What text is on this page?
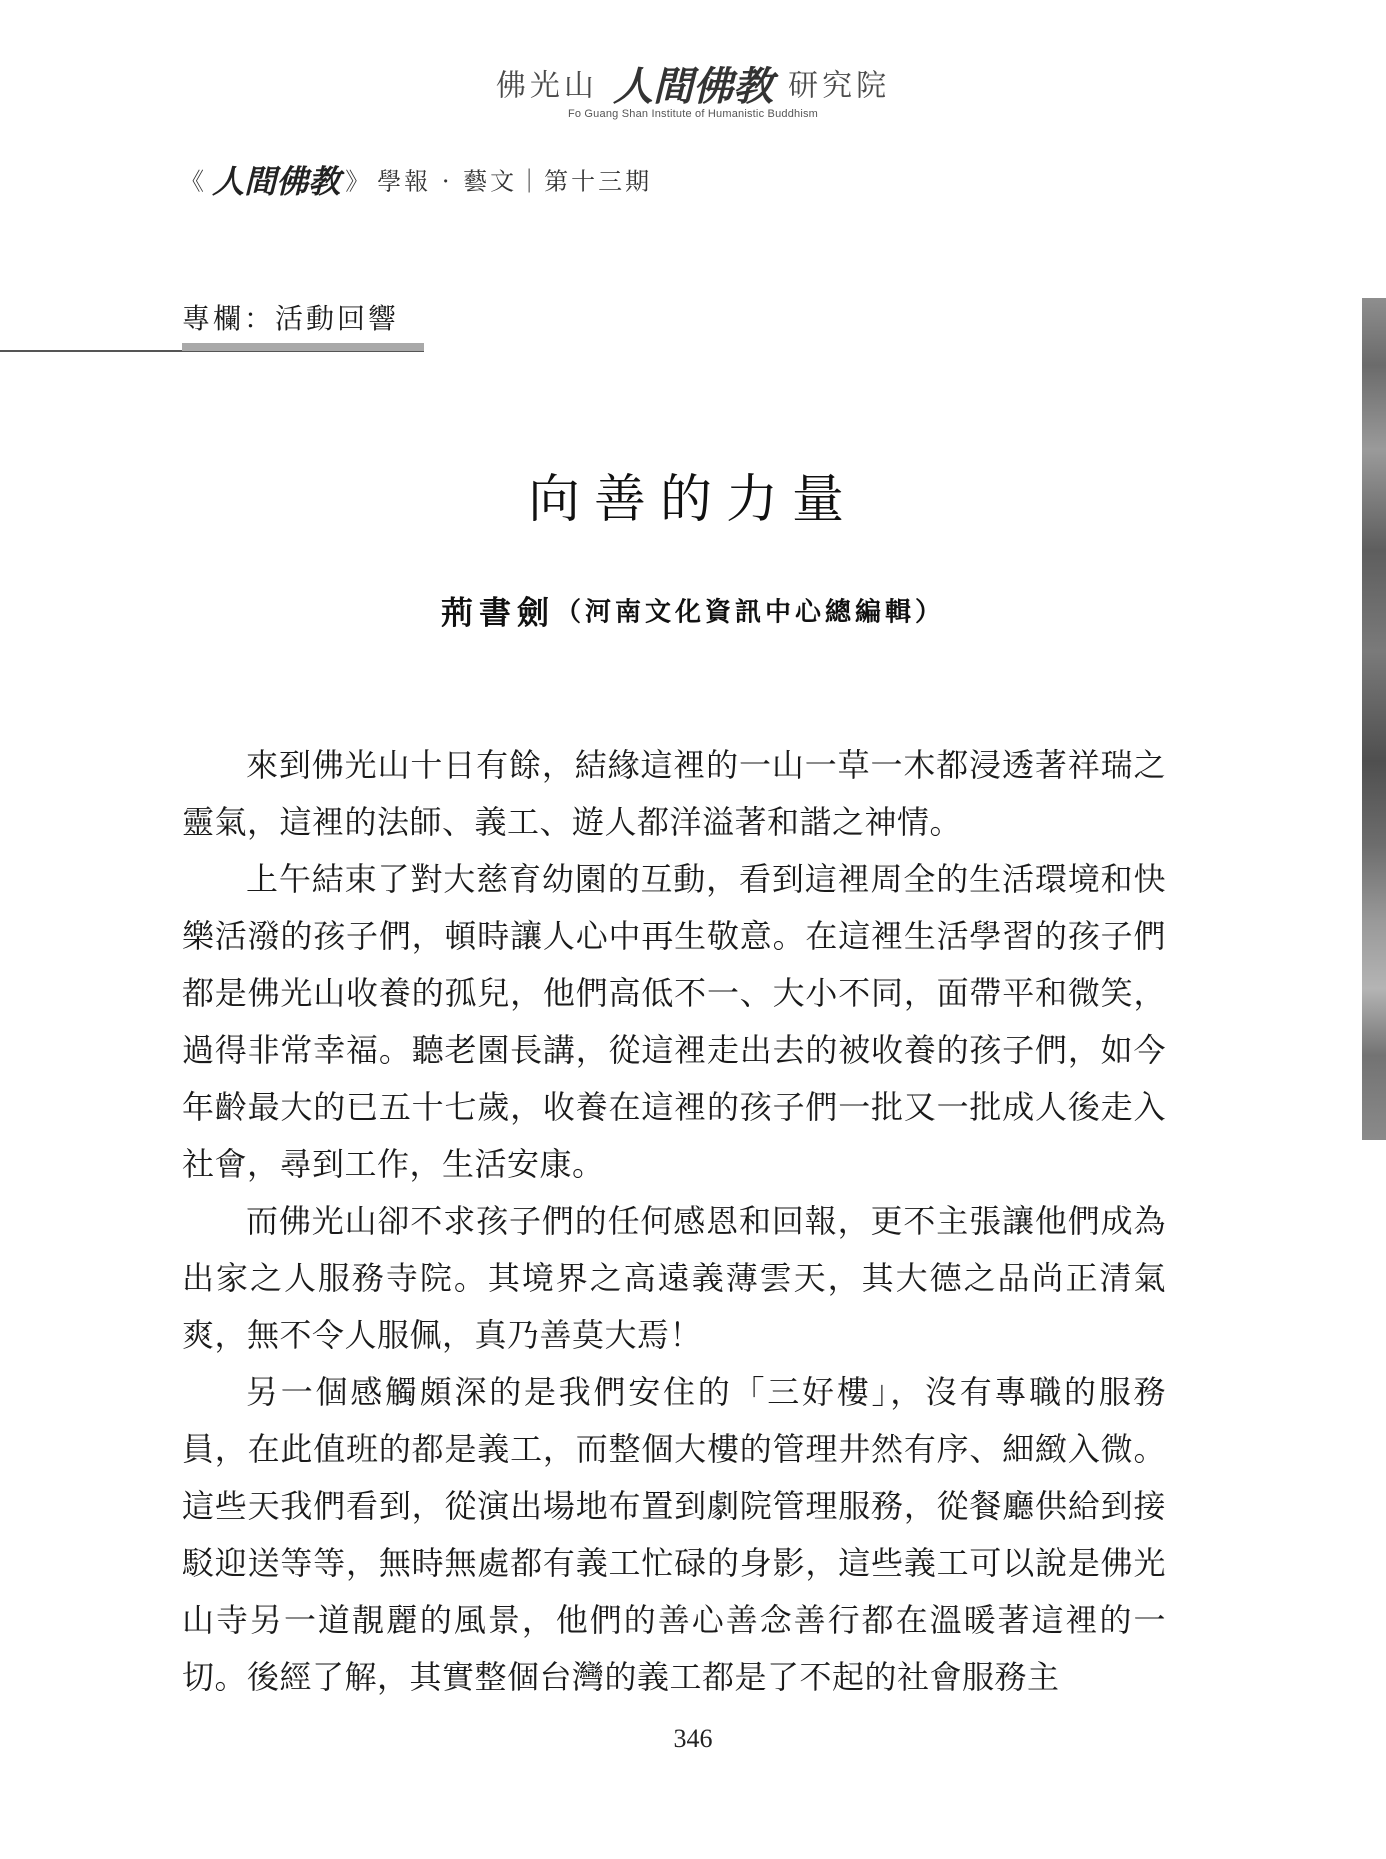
佛光山 人間佛教 研究院
Fo Guang Shan Institute of Humanistic Buddhism
《 人間佛教 》 學報 · 藝文｜第十三期
專欄：活動回響
向善的力量
荊書劍（河南文化資訊中心總編輯）

來到佛光山十日有餘，結緣這裡的一山一草一木都浸透著祥瑞之靈氣，這裡的法師、義工、遊人都洋溢著和諧之神情。

上午結束了對大慈育幼園的互動，看到這裡周全的生活環境和快樂活潑的孩子們，頓時讓人心中再生敬意。在這裡生活學習的孩子們都是佛光山收養的孤兒，他們高低不一、大小不同，面帶平和微笑，過得非常幸福。聽老園長講，從這裡走出去的被收養的孩子們，如今年齡最大的已五十七歲，收養在這裡的孩子們一批又一批成人後走入社會，尋到工作，生活安康。

而佛光山卻不求孩子們的任何感恩和回報，更不主張讓他們成為出家之人服務寺院。其境界之高遠義薄雲天，其大德之品尚正清氣爽，無不令人服佩，真乃善莫大焉！

另一個感觸頗深的是我們安住的「三好樓」，沒有專職的服務員，在此值班的都是義工，而整個大樓的管理井然有序、細緻入微。這些天我們看到，從演出場地布置到劇院管理服務，從餐廳供給到接駁迎送等等，無時無處都有義工忙碌的身影，這些義工可以說是佛光山寺另一道靚麗的風景，他們的善心善念善行都在溫暖著這裡的一切。後經了解，其實整個台灣的義工都是了不起的社會服務主

346
